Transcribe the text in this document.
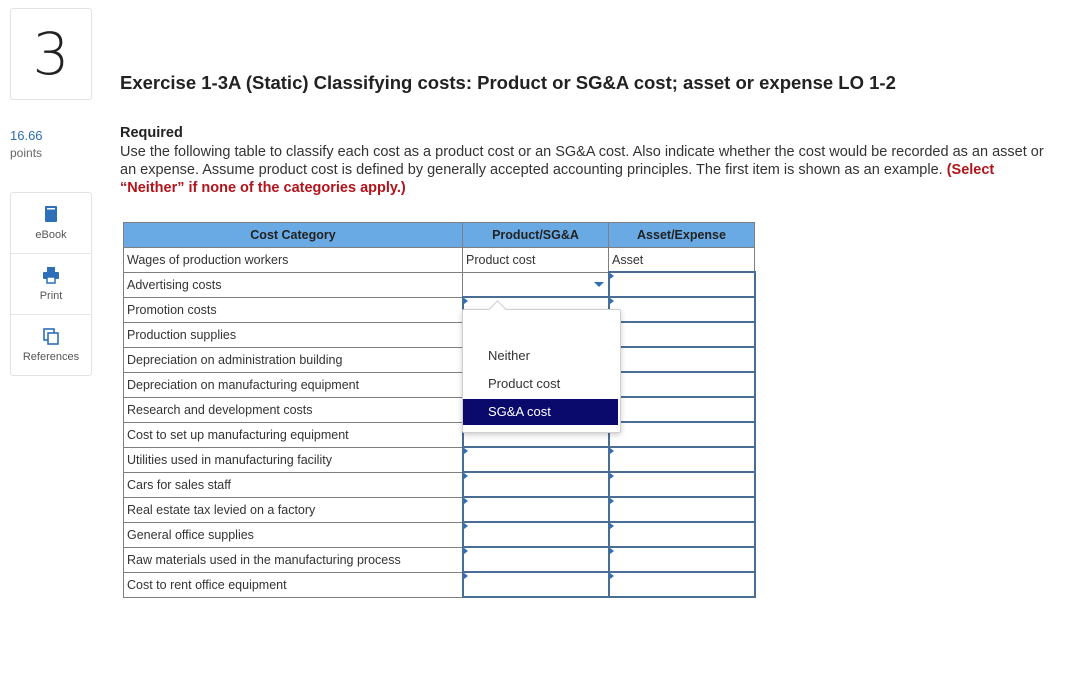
3
16.66
points
eBook
Print
References
Exercise 1-3A (Static) Classifying costs: Product or SG&A cost; asset or expense LO 1-2
Required
Use the following table to classify each cost as a product cost or an SG&A cost. Also indicate whether the cost would be recorded as an asset or an expense. Assume product cost is defined by generally accepted accounting principles. The first item is shown as an example. (Select “Neither” if none of the categories apply.)
Cost Category	Product/SG&A	Asset/Expense
Wages of production workers	Product cost	Asset
Advertising costs	

Promotion costs		
Production supplies		
Depreciation on administration building		
Depreciation on manufacturing equipment		
Research and development costs		
Cost to set up manufacturing equipment		
Utilities used in manufacturing facility		
Cars for sales staff		
Real estate tax levied on a factory		
General office supplies		
Raw materials used in the manufacturing process		
Cost to rent office equipment		
Neither
Product cost
SG&A cost
